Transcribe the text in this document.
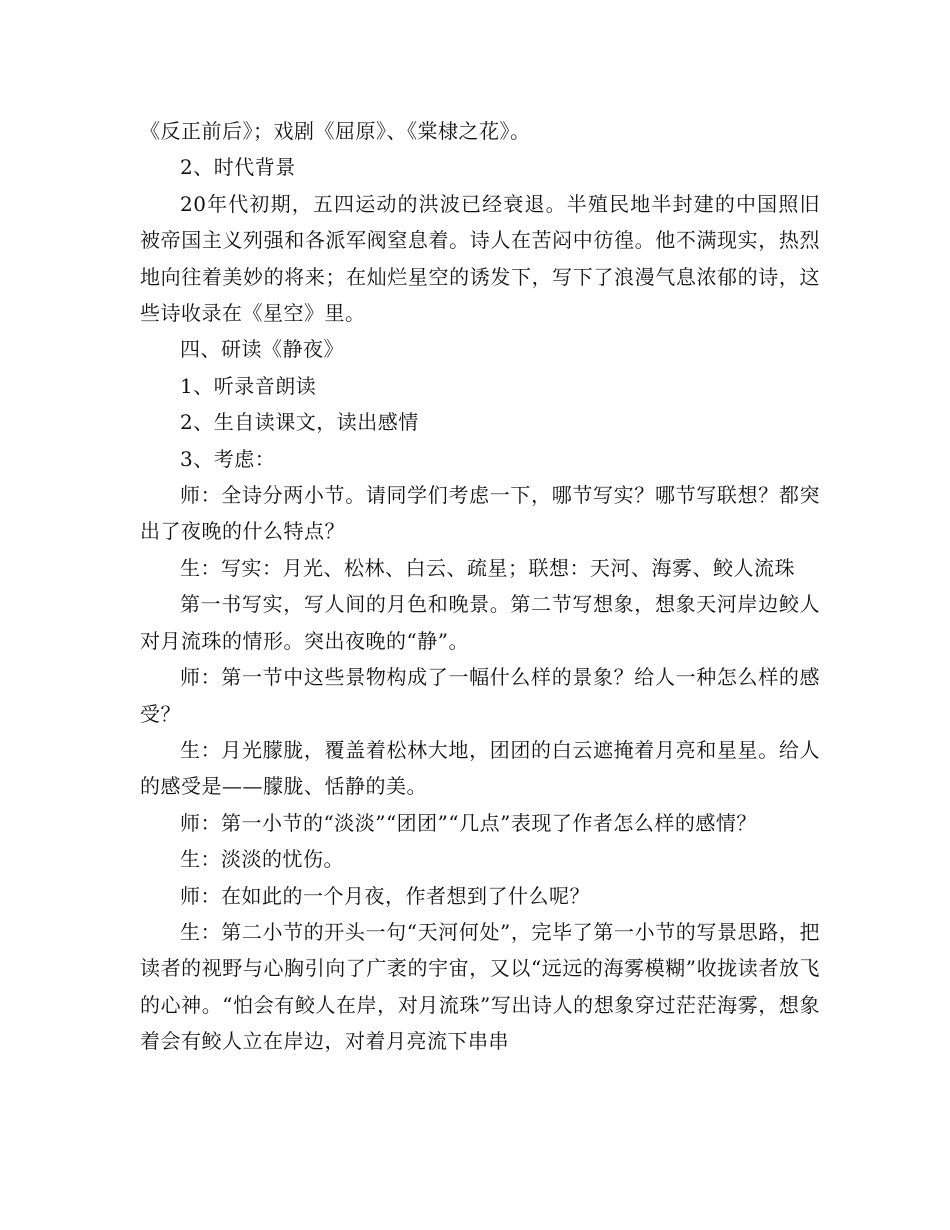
《反正前后》；戏剧《屈原》、《棠棣之花》。

2、时代背景

20年代初期，五四运动的洪波已经衰退。半殖民地半封建的中国照旧被帝国主义列强和各派军阀窒息着。诗人在苦闷中彷徨。他不满现实，热烈地向往着美妙的将来；在灿烂星空的诱发下，写下了浪漫气息浓郁的诗，这些诗收录在《星空》里。

四、研读《静夜》

1、听录音朗读

2、生自读课文，读出感情

3、考虑：

师：全诗分两小节。请同学们考虑一下，哪节写实？哪节写联想？都突出了夜晚的什么特点？

生：写实：月光、松林、白云、疏星；联想：天河、海雾、鲛人流珠

第一书写实，写人间的月色和晚景。第二节写想象，想象天河岸边鲛人对月流珠的情形。突出夜晚的“静”。

师：第一节中这些景物构成了一幅什么样的景象？给人一种怎么样的感受？

生：月光朦胧，覆盖着松林大地，团团的白云遮掩着月亮和星星。给人的感受是——朦胧、恬静的美。

师：第一小节的“淡淡”“团团”“几点”表现了作者怎么样的感情？

生：淡淡的忧伤。

师：在如此的一个月夜，作者想到了什么呢？

生：第二小节的开头一句“天河何处”，完毕了第一小节的写景思路，把读者的视野与心胸引向了广袤的宇宙，又以“远远的海雾模糊”收拢读者放飞的心神。“怕会有鲛人在岸，对月流珠”写出诗人的想象穿过茫茫海雾，想象着会有鲛人立在岸边，对着月亮流下串串
